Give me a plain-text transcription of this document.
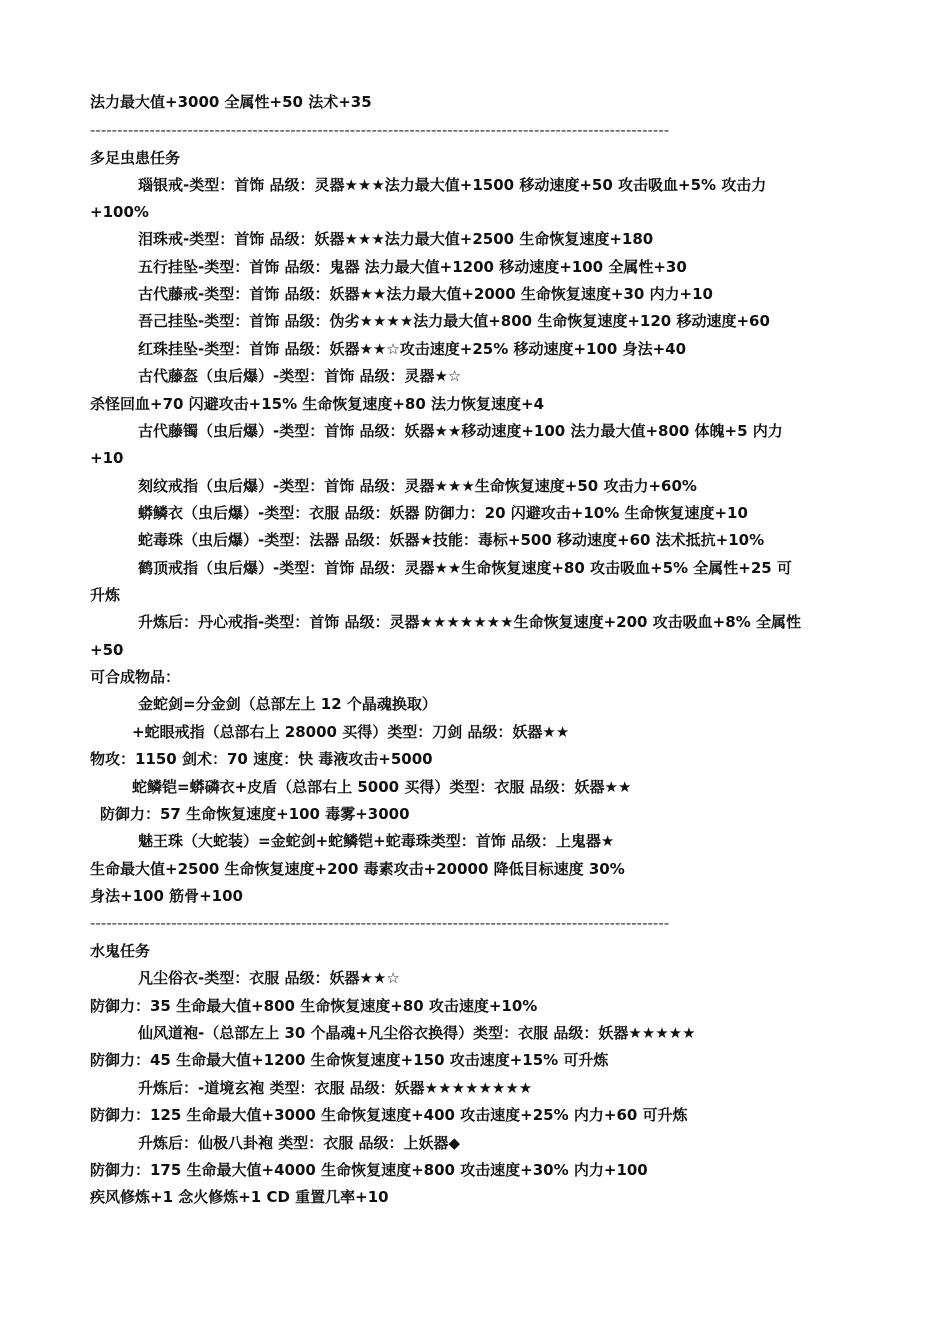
法力最大值+3000 全属性+50 法术+35
-----------------------------------------------------------------------------------------------------------
多足虫患任务
瑙银戒-类型：首饰 品级：灵器★★★法力最大值+1500 移动速度+50 攻击吸血+5% 攻击力
+100%
泪珠戒-类型：首饰 品级：妖器★★★法力最大值+2500 生命恢复速度+180
五行挂坠-类型：首饰 品级：鬼器 法力最大值+1200 移动速度+100 全属性+30
古代藤戒-类型：首饰 品级：妖器★★法力最大值+2000 生命恢复速度+30 内力+10
吾己挂坠-类型：首饰 品级：伪劣★★★★法力最大值+800 生命恢复速度+120 移动速度+60
红珠挂坠-类型：首饰 品级：妖器★★☆攻击速度+25% 移动速度+100 身法+40
古代藤盔（虫后爆）-类型：首饰 品级：灵器★☆
杀怪回血+70 闪避攻击+15% 生命恢复速度+80 法力恢复速度+4
古代藤镯（虫后爆）-类型：首饰 品级：妖器★★移动速度+100 法力最大值+800 体魄+5 内力
+10
刻纹戒指（虫后爆）-类型：首饰 品级：灵器★★★生命恢复速度+50 攻击力+60%
蟒鳞衣（虫后爆）-类型：衣服 品级：妖器 防御力：20 闪避攻击+10% 生命恢复速度+10
蛇毒珠（虫后爆）-类型：法器 品级：妖器★技能：毒标+500 移动速度+60 法术抵抗+10%
鹤顶戒指（虫后爆）-类型：首饰 品级：灵器★★生命恢复速度+80 攻击吸血+5% 全属性+25 可
升炼
升炼后：丹心戒指-类型：首饰 品级：灵器★★★★★★★生命恢复速度+200 攻击吸血+8% 全属性
+50
可合成物品：
金蛇剑=分金剑（总部左上 12 个晶魂换取）
+蛇眼戒指（总部右上 28000 买得）类型：刀剑 品级：妖器★★
物攻：1150 剑术：70 速度：快 毒液攻击+5000
蛇鳞铠=蟒磷衣+皮盾（总部右上 5000 买得）类型：衣服 品级：妖器★★
防御力：57 生命恢复速度+100 毒雾+3000
魅王珠（大蛇装）=金蛇剑+蛇鳞铠+蛇毒珠类型：首饰 品级：上鬼器★
生命最大值+2500 生命恢复速度+200 毒素攻击+20000 降低目标速度 30%
身法+100 筋骨+100
-----------------------------------------------------------------------------------------------------------
水鬼任务
凡尘俗衣-类型：衣服 品级：妖器★★☆
防御力：35 生命最大值+800 生命恢复速度+80 攻击速度+10%
仙风道袍-（总部左上 30 个晶魂+凡尘俗衣换得）类型：衣服 品级：妖器★★★★★
防御力：45 生命最大值+1200 生命恢复速度+150 攻击速度+15% 可升炼
升炼后：-道境玄袍 类型：衣服 品级：妖器★★★★★★★★
防御力：125 生命最大值+3000 生命恢复速度+400 攻击速度+25% 内力+60 可升炼
升炼后：仙极八卦袍 类型：衣服 品级：上妖器◆
防御力：175 生命最大值+4000 生命恢复速度+800 攻击速度+30% 内力+100
疾风修炼+1 念火修炼+1 CD 重置几率+10
